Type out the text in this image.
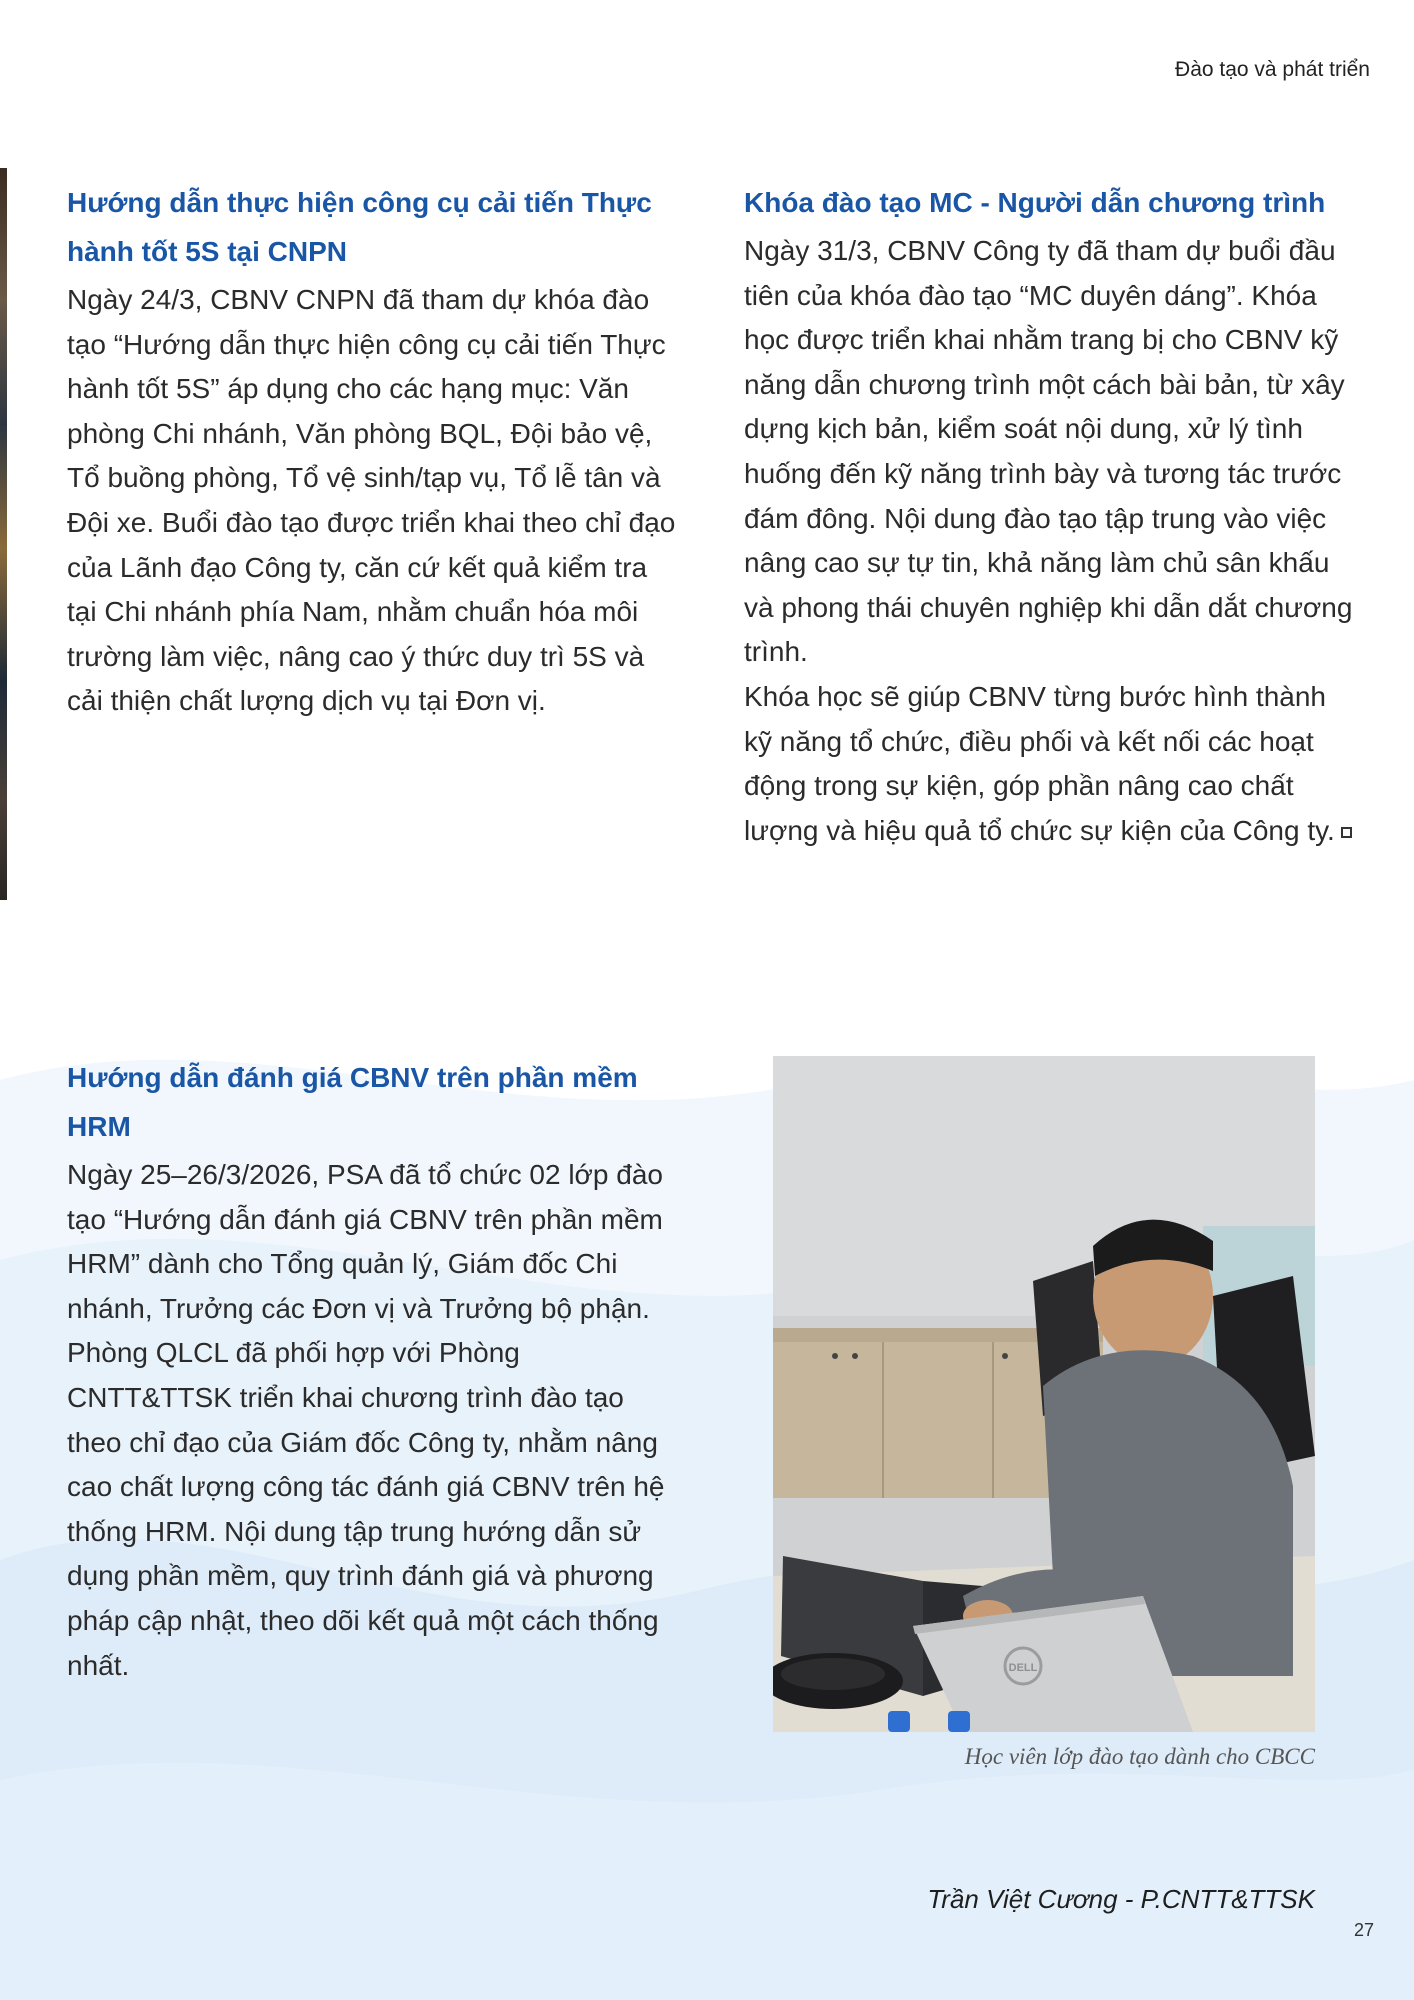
Đào tạo và phát triển
Hướng dẫn thực hiện công cụ cải tiến Thực hành tốt 5S tại CNPN

Ngày 24/3, CBNV CNPN đã tham dự khóa đào tạo “Hướng dẫn thực hiện công cụ cải tiến Thực hành tốt 5S” áp dụng cho các hạng mục: Văn phòng Chi nhánh, Văn phòng BQL, Đội bảo vệ, Tổ buồng phòng, Tổ vệ sinh/tạp vụ, Tổ lễ tân và Đội xe. Buổi đào tạo được triển khai theo chỉ đạo của Lãnh đạo Công ty, căn cứ kết quả kiểm tra tại Chi nhánh phía Nam, nhằm chuẩn hóa môi trường làm việc, nâng cao ý thức duy trì 5S và cải thiện chất lượng dịch vụ tại Đơn vị.

Khóa đào tạo MC - Người dẫn chương trình

Ngày 31/3, CBNV Công ty đã tham dự buổi đầu tiên của khóa đào tạo “MC duyên dáng”. Khóa học được triển khai nhằm trang bị cho CBNV kỹ năng dẫn chương trình một cách bài bản, từ xây dựng kịch bản, kiểm soát nội dung, xử lý tình huống đến kỹ năng trình bày và tương tác trước đám đông. Nội dung đào tạo tập trung vào việc nâng cao sự tự tin, khả năng làm chủ sân khấu và phong thái chuyên nghiệp khi dẫn dắt chương trình.

Khóa học sẽ giúp CBNV từng bước hình thành kỹ năng tổ chức, điều phối và kết nối các hoạt động trong sự kiện, góp phần nâng cao chất lượng và hiệu quả tổ chức sự kiện của Công ty.

Hướng dẫn đánh giá CBNV trên phần mềm HRM

Ngày 25–26/3/2026, PSA đã tổ chức 02 lớp đào tạo “Hướng dẫn đánh giá CBNV trên phần mềm HRM” dành cho Tổng quản lý, Giám đốc Chi nhánh, Trưởng các Đơn vị và Trưởng bộ phận.

Phòng QLCL đã phối hợp với Phòng CNTT&TTSK triển khai chương trình đào tạo theo chỉ đạo của Giám đốc Công ty, nhằm nâng cao chất lượng công tác đánh giá CBNV trên hệ thống HRM. Nội dung tập trung hướng dẫn sử dụng phần mềm, quy trình đánh giá và phương pháp cập nhật, theo dõi kết quả một cách thống nhất.	DELL
Học viên lớp đào tạo dành cho CBCC
Trần Việt Cương - P.CNTT&TTSK
27
